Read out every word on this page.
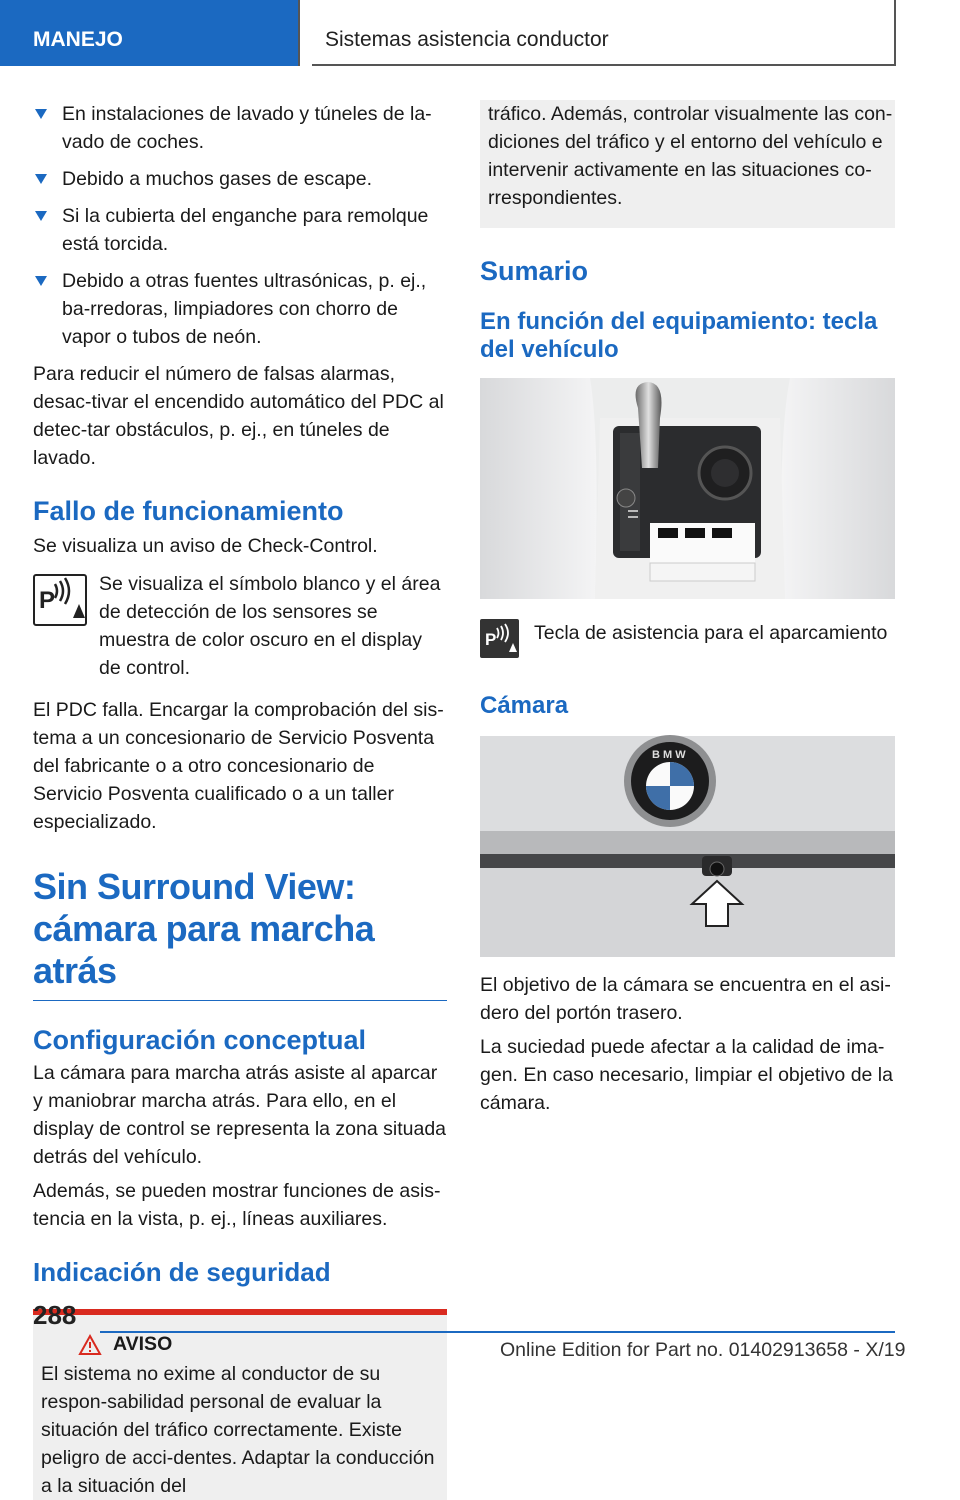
MANEJO	Sistemas asistencia conductor
En instalaciones de lavado y túneles de la-vado de coches.
Debido a muchos gases de escape.
Si la cubierta del enganche para remolque está torcida.
Debido a otras fuentes ultrasónicas, p. ej., ba-rredoras, limpiadores con chorro de vapor o tubos de neón.

Para reducir el número de falsas alarmas, desac-tivar el encendido automático del PDC al detec-tar obstáculos, p. ej., en túneles de lavado.

Fallo de funcionamiento

Se visualiza un aviso de Check-Control.

P

Se visualiza el símbolo blanco y el área de detección de los sensores se muestra de color oscuro en el display de control.

El PDC falla. Encargar la comprobación del sis-tema a un concesionario de Servicio Posventa del fabricante o a otro concesionario de Servicio Posventa cualificado o a un taller especializado.

Sin Surround View: cámara para marcha atrás
Configuración conceptual

La cámara para marcha atrás asiste al aparcar y maniobrar marcha atrás. Para ello, en el display de control se representa la zona situada detrás del vehículo.

Además, se pueden mostrar funciones de asis-tencia en la vista, p. ej., líneas auxiliares.

Indicación de seguridad
AVISO

El sistema no exime al conductor de su respon-sabilidad personal de evaluar la situación del tráfico correctamente. Existe peligro de acci-dentes. Adaptar la conducción a la situación del

tráfico. Además, controlar visualmente las con-diciones del tráfico y el entorno del vehículo e intervenir activamente en las situaciones co-rrespondientes.

Sumario
En función del equipamiento: tecla del vehículo
P Tecla de asistencia para el aparcamiento

Cámara
B M W

El objetivo de la cámara se encuentra en el asi-dero del portón trasero.

La suciedad puede afectar a la calidad de ima-gen. En caso necesario, limpiar el objetivo de la cámara.

288
Online Edition for Part no. 01402913658 - X/19
